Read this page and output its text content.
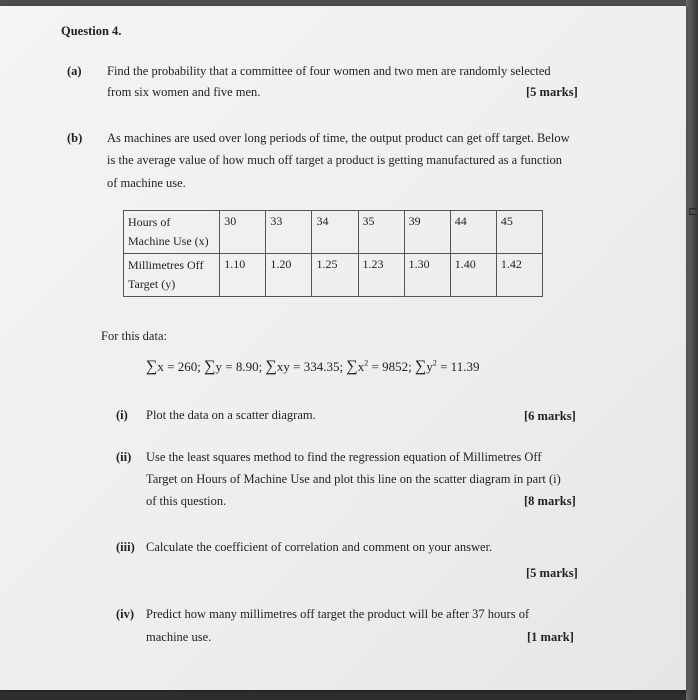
Question 4.
(a) Find the probability that a committee of four women and two men are randomly selected
from six women and five men.	[5 marks]
(b) As machines are used over long periods of time, the output product can get off target. Below
is the average value of how much off target a product is getting manufactured as a function
of machine use.
Hours of
Machine Use (x)	30	33	34	35	39	44	45

Millimetres Off
Target (y)	1.10	1.20	1.25	1.23	1.30	1.40	1.42
For this data:
∑x = 260; ∑y = 8.90; ∑xy = 334.35; $\sum x^2 = 9852$; $\sum y^2 = 11.39$
(i) Plot the data on a scatter diagram.	[6 marks]
(ii) Use the least squares method to find the regression equation of Millimetres Off
Target on Hours of Machine Use and plot this line on the scatter diagram in part (i)
of this question.	[8 marks]
(iii) Calculate the coefficient of correlation and comment on your answer.
[5 marks]
(iv) Predict how many millimetres off target the product will be after 37 hours of
machine use.	[1 mark]
⊏
